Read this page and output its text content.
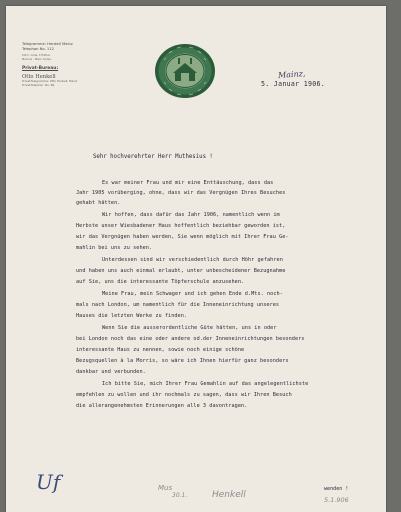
Telegramme: Henkell Mainz
Telephon No. 112
K.B.C. Code, 4 Edition
Marconi - Mann Codes.
Privat-Bureau:
Otto Henkell
Privat-Telegramme: Otto Henkell, Mainz
Privat-Telephon: No. 66.
Mainz,
5. Januar 1906.
Sehr hochverehrter Herr Muthesius !
Es war meiner Frau und mir eine Enttäuschung, dass das
Jahr 1905 vorüberging, ohne, dass wir das Vergnügen Ihres Besuches
gehabt hätten.
Wir hoffen, dass dafür das Jahr 1906, namentlich wenn im
Herbste unser Wiesbadener Haus hoffentlich beziehbar geworden ist,
wir das Vergnügen haben werden, Sie wenn möglich mit Ihrer Frau Ge-
mahlin bei uns zu sehen.
Unterdessen sind wir verschiedentlich durch Höhr gefahren
und haben uns auch einmal erlaubt, unter unbescheidener Bezugnahme
auf Sie, uns die interessante Töpferschule anzusehen.
Meine Frau, mein Schwager und ich gehen Ende d.Mts. noch-
mals nach London, um namentlich für die Inneneinrichtung unseres
Hauses die letzten Werke zu finden.
Wenn Sie die ausserordentliche Güte hätten, uns in oder
bei London noch das eine oder andere od.der Inneneinrichtungen besonders
interessante Haus zu nennen, sowie noch einige schöne
Bezugsquellen à la Morris, so wäre ich Ihnen hierfür ganz besonders
dankbar und verbunden.
Ich bitte Sie, mich Ihrer Frau Gemahlin auf das angelegentlichste
empfehlen zu wollen und ihr nochmals zu sagen, dass wir Ihren Besuch
die allerangenehmsten Erinnerungen alle 3 davontragen.
wenden !
Uf	Mus
30.1.	Henkell	5.1.906
